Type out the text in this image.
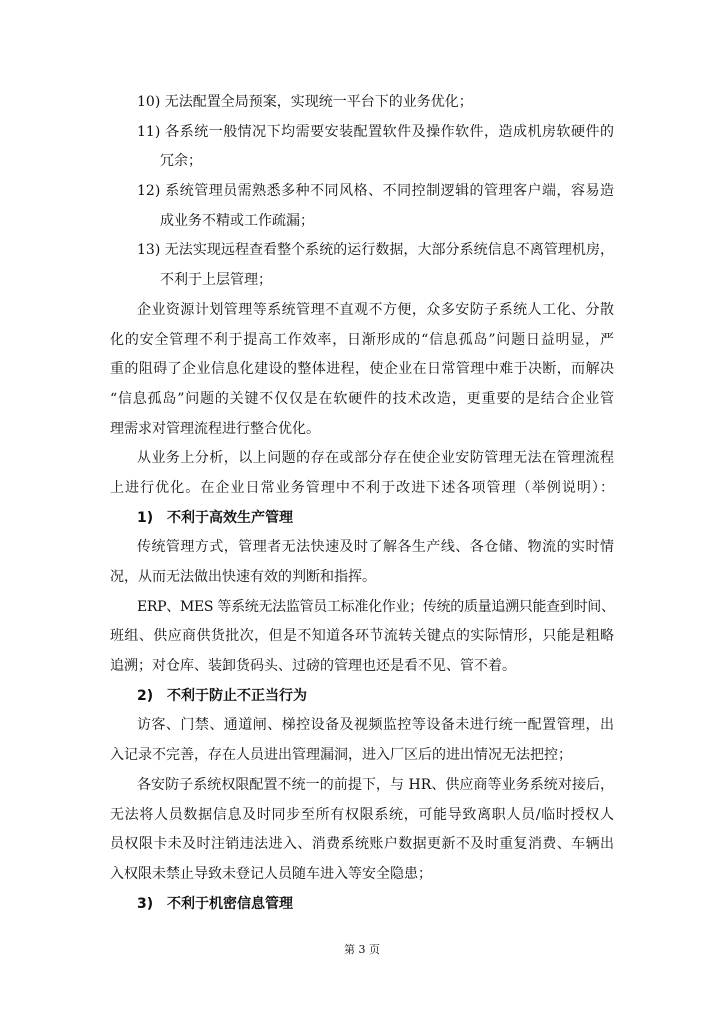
10) 无法配置全局预案，实现统一平台下的业务优化；
11) 各系统一般情况下均需要安装配置软件及操作软件，造成机房软硬件的
冗余；
12) 系统管理员需熟悉多种不同风格、不同控制逻辑的管理客户端，容易造
成业务不精或工作疏漏；
13) 无法实现远程查看整个系统的运行数据，大部分系统信息不离管理机房，
不利于上层管理；
企业资源计划管理等系统管理不直观不方便，众多安防子系统人工化、分散
化的安全管理不利于提高工作效率，日渐形成的“信息孤岛”问题日益明显，严
重的阻碍了企业信息化建设的整体进程，使企业在日常管理中难于决断，而解决
“信息孤岛”问题的关键不仅仅是在软硬件的技术改造，更重要的是结合企业管
理需求对管理流程进行整合优化。
从业务上分析，以上问题的存在或部分存在使企业安防管理无法在管理流程
上进行优化。在企业日常业务管理中不利于改进下述各项管理（举例说明）：
1) 不利于高效生产管理
传统管理方式，管理者无法快速及时了解各生产线、各仓储、物流的实时情
况，从而无法做出快速有效的判断和指挥。
ERP、MES 等系统无法监管员工标准化作业；传统的质量追溯只能查到时间、
班组、供应商供货批次，但是不知道各环节流转关键点的实际情形，只能是粗略
追溯；对仓库、装卸货码头、过磅的管理也还是看不见、管不着。
2) 不利于防止不正当行为
访客、门禁、通道闸、梯控设备及视频监控等设备未进行统一配置管理，出
入记录不完善，存在人员进出管理漏洞，进入厂区后的进出情况无法把控；
各安防子系统权限配置不统一的前提下，与 HR、供应商等业务系统对接后，
无法将人员数据信息及时同步至所有权限系统，可能导致离职人员/临时授权人
员权限卡未及时注销违法进入、消费系统账户数据更新不及时重复消费、车辆出
入权限未禁止导致未登记人员随车进入等安全隐患；
3) 不利于机密信息管理
第 3 页
